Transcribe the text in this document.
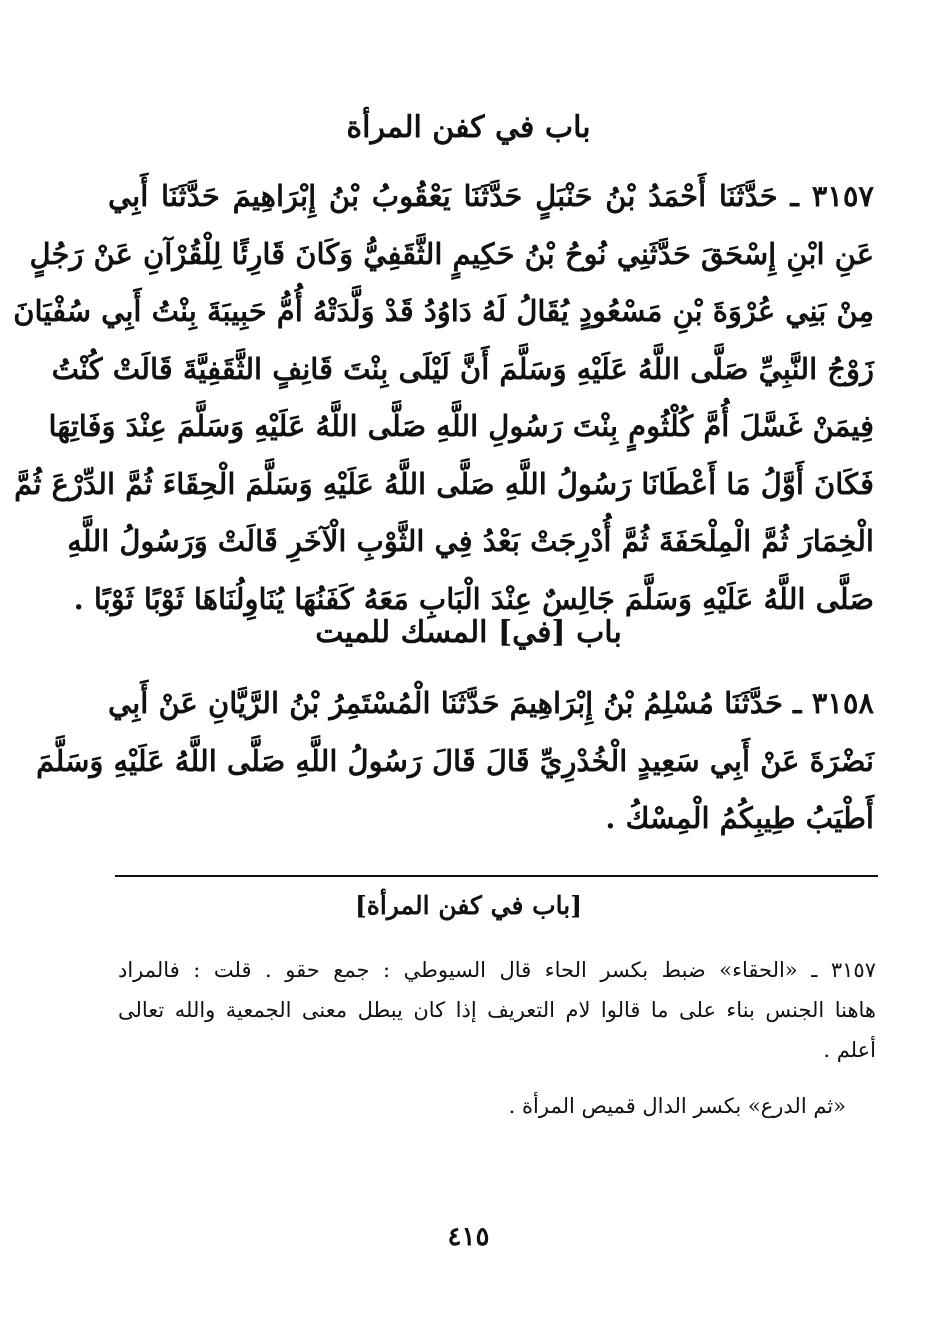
باب في كفن المرأة
٣١٥٧ ـ حَدَّثَنَا أَحْمَدُ بْنُ حَنْبَلٍ حَدَّثَنَا يَعْقُوبُ بْنُ إِبْرَاهِيمَ حَدَّثَنَا أَبِي
عَنِ ابْنِ إِسْحَقَ حَدَّثَنِي نُوحُ بْنُ حَكِيمٍ الثَّقَفِيُّ وَكَانَ قَارِئًا لِلْقُرْآنِ عَنْ رَجُلٍ
مِنْ بَنِي عُرْوَةَ بْنِ مَسْعُودٍ يُقَالُ لَهُ دَاوُدُ قَدْ وَلَّدَتْهُ أُمُّ حَبِيبَةَ بِنْتُ أَبِي سُفْيَانَ
زَوْجُ النَّبِيِّ صَلَّى اللَّهُ عَلَيْهِ وَسَلَّمَ أَنَّ لَيْلَى بِنْتَ قَانِفٍ الثَّقَفِيَّةَ قَالَتْ كُنْتُ
فِيمَنْ غَسَّلَ أُمَّ كُلْثُومٍ بِنْتَ رَسُولِ اللَّهِ صَلَّى اللَّهُ عَلَيْهِ وَسَلَّمَ عِنْدَ وَفَاتِهَا
فَكَانَ أَوَّلُ مَا أَعْطَانَا رَسُولُ اللَّهِ صَلَّى اللَّهُ عَلَيْهِ وَسَلَّمَ الْحِقَاءَ ثُمَّ الدِّرْعَ ثُمَّ
الْخِمَارَ ثُمَّ الْمِلْحَفَةَ ثُمَّ أُدْرِجَتْ بَعْدُ فِي الثَّوْبِ الْآخَرِ قَالَتْ وَرَسُولُ اللَّهِ
صَلَّى اللَّهُ عَلَيْهِ وَسَلَّمَ جَالِسٌ عِنْدَ الْبَابِ مَعَهُ كَفَنُهَا يُنَاوِلُنَاهَا ثَوْبًا ثَوْبًا .
باب [في] المسك للميت
٣١٥٨ ـ حَدَّثَنَا مُسْلِمُ بْنُ إِبْرَاهِيمَ حَدَّثَنَا الْمُسْتَمِرُ بْنُ الرَّيَّانِ عَنْ أَبِي
نَضْرَةَ عَنْ أَبِي سَعِيدٍ الْخُدْرِيِّ قَالَ قَالَ رَسُولُ اللَّهِ صَلَّى اللَّهُ عَلَيْهِ وَسَلَّمَ
أَطْيَبُ طِيبِكُمُ الْمِسْكُ .
[باب في كفن المرأة]
٣١٥٧ ـ «الحقاء» ضبط بكسر الحاء قال السيوطي : جمع حقو . قلت : فالمراد
هاهنا الجنس بناء على ما قالوا لام التعريف إذا كان يبطل معنى الجمعية والله تعالى
أعلم .
«ثم الدرع» بكسر الدال قميص المرأة .
٤١٥
